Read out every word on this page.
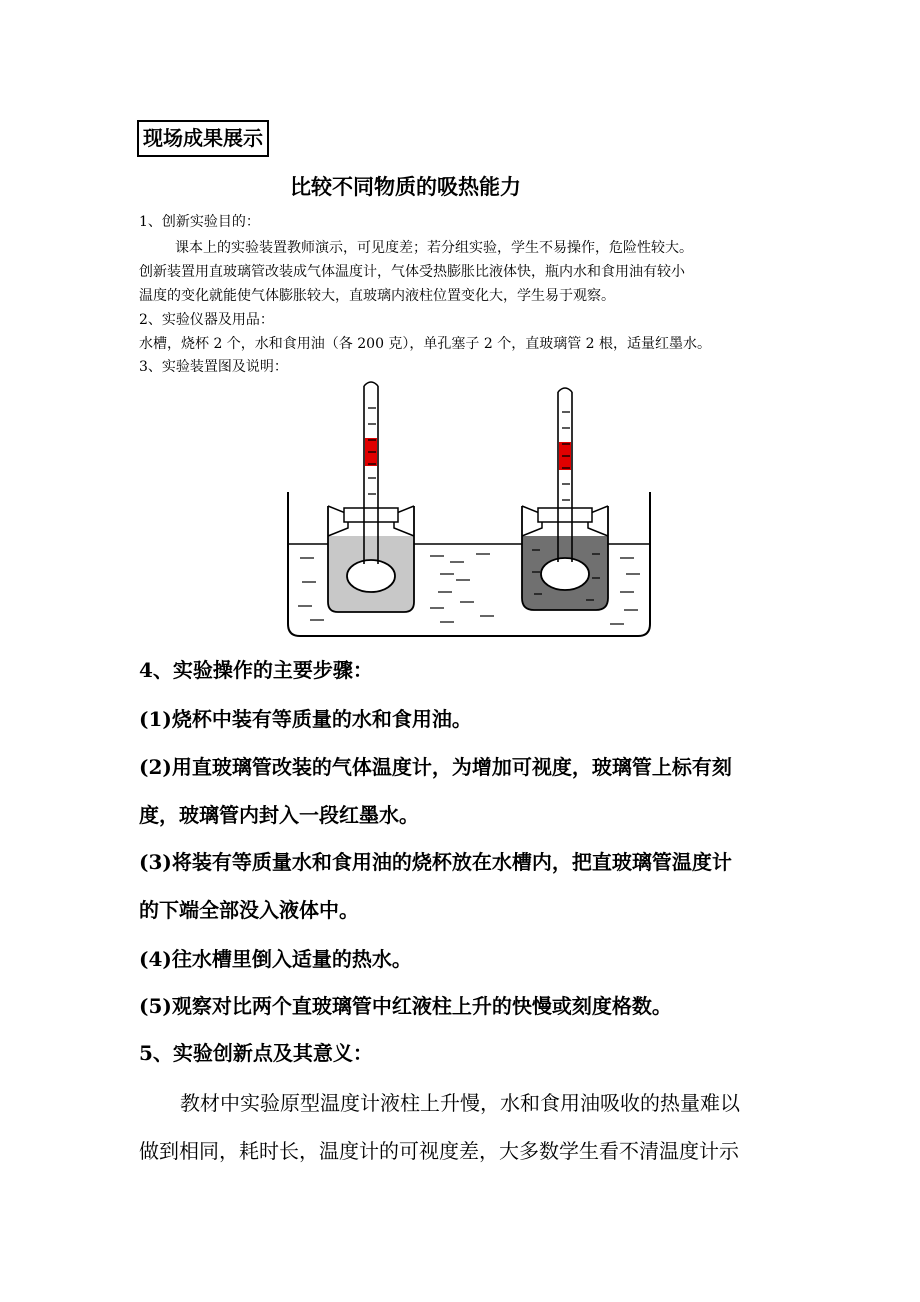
现场成果展示
比较不同物质的吸热能力
1、创新实验目的：
课本上的实验装置教师演示，可见度差；若分组实验，学生不易操作，危险性较大。
创新装置用直玻璃管改装成气体温度计，气体受热膨胀比液体快，瓶内水和食用油有较小
温度的变化就能使气体膨胀较大，直玻璃内液柱位置变化大，学生易于观察。
2、实验仪器及用品：
水槽，烧杯 2 个，水和食用油（各 200 克），单孔塞子 2 个，直玻璃管 2 根，适量红墨水。
3、实验装置图及说明：
4、实验操作的主要步骤：
(1)烧杯中装有等质量的水和食用油。
(2)用直玻璃管改装的气体温度计，为增加可视度，玻璃管上标有刻
度，玻璃管内封入一段红墨水。
(3)将装有等质量水和食用油的烧杯放在水槽内，把直玻璃管温度计
的下端全部没入液体中。
(4)往水槽里倒入适量的热水。
(5)观察对比两个直玻璃管中红液柱上升的快慢或刻度格数。
5、实验创新点及其意义：
教材中实验原型温度计液柱上升慢，水和食用油吸收的热量难以
做到相同，耗时长，温度计的可视度差，大多数学生看不清温度计示
